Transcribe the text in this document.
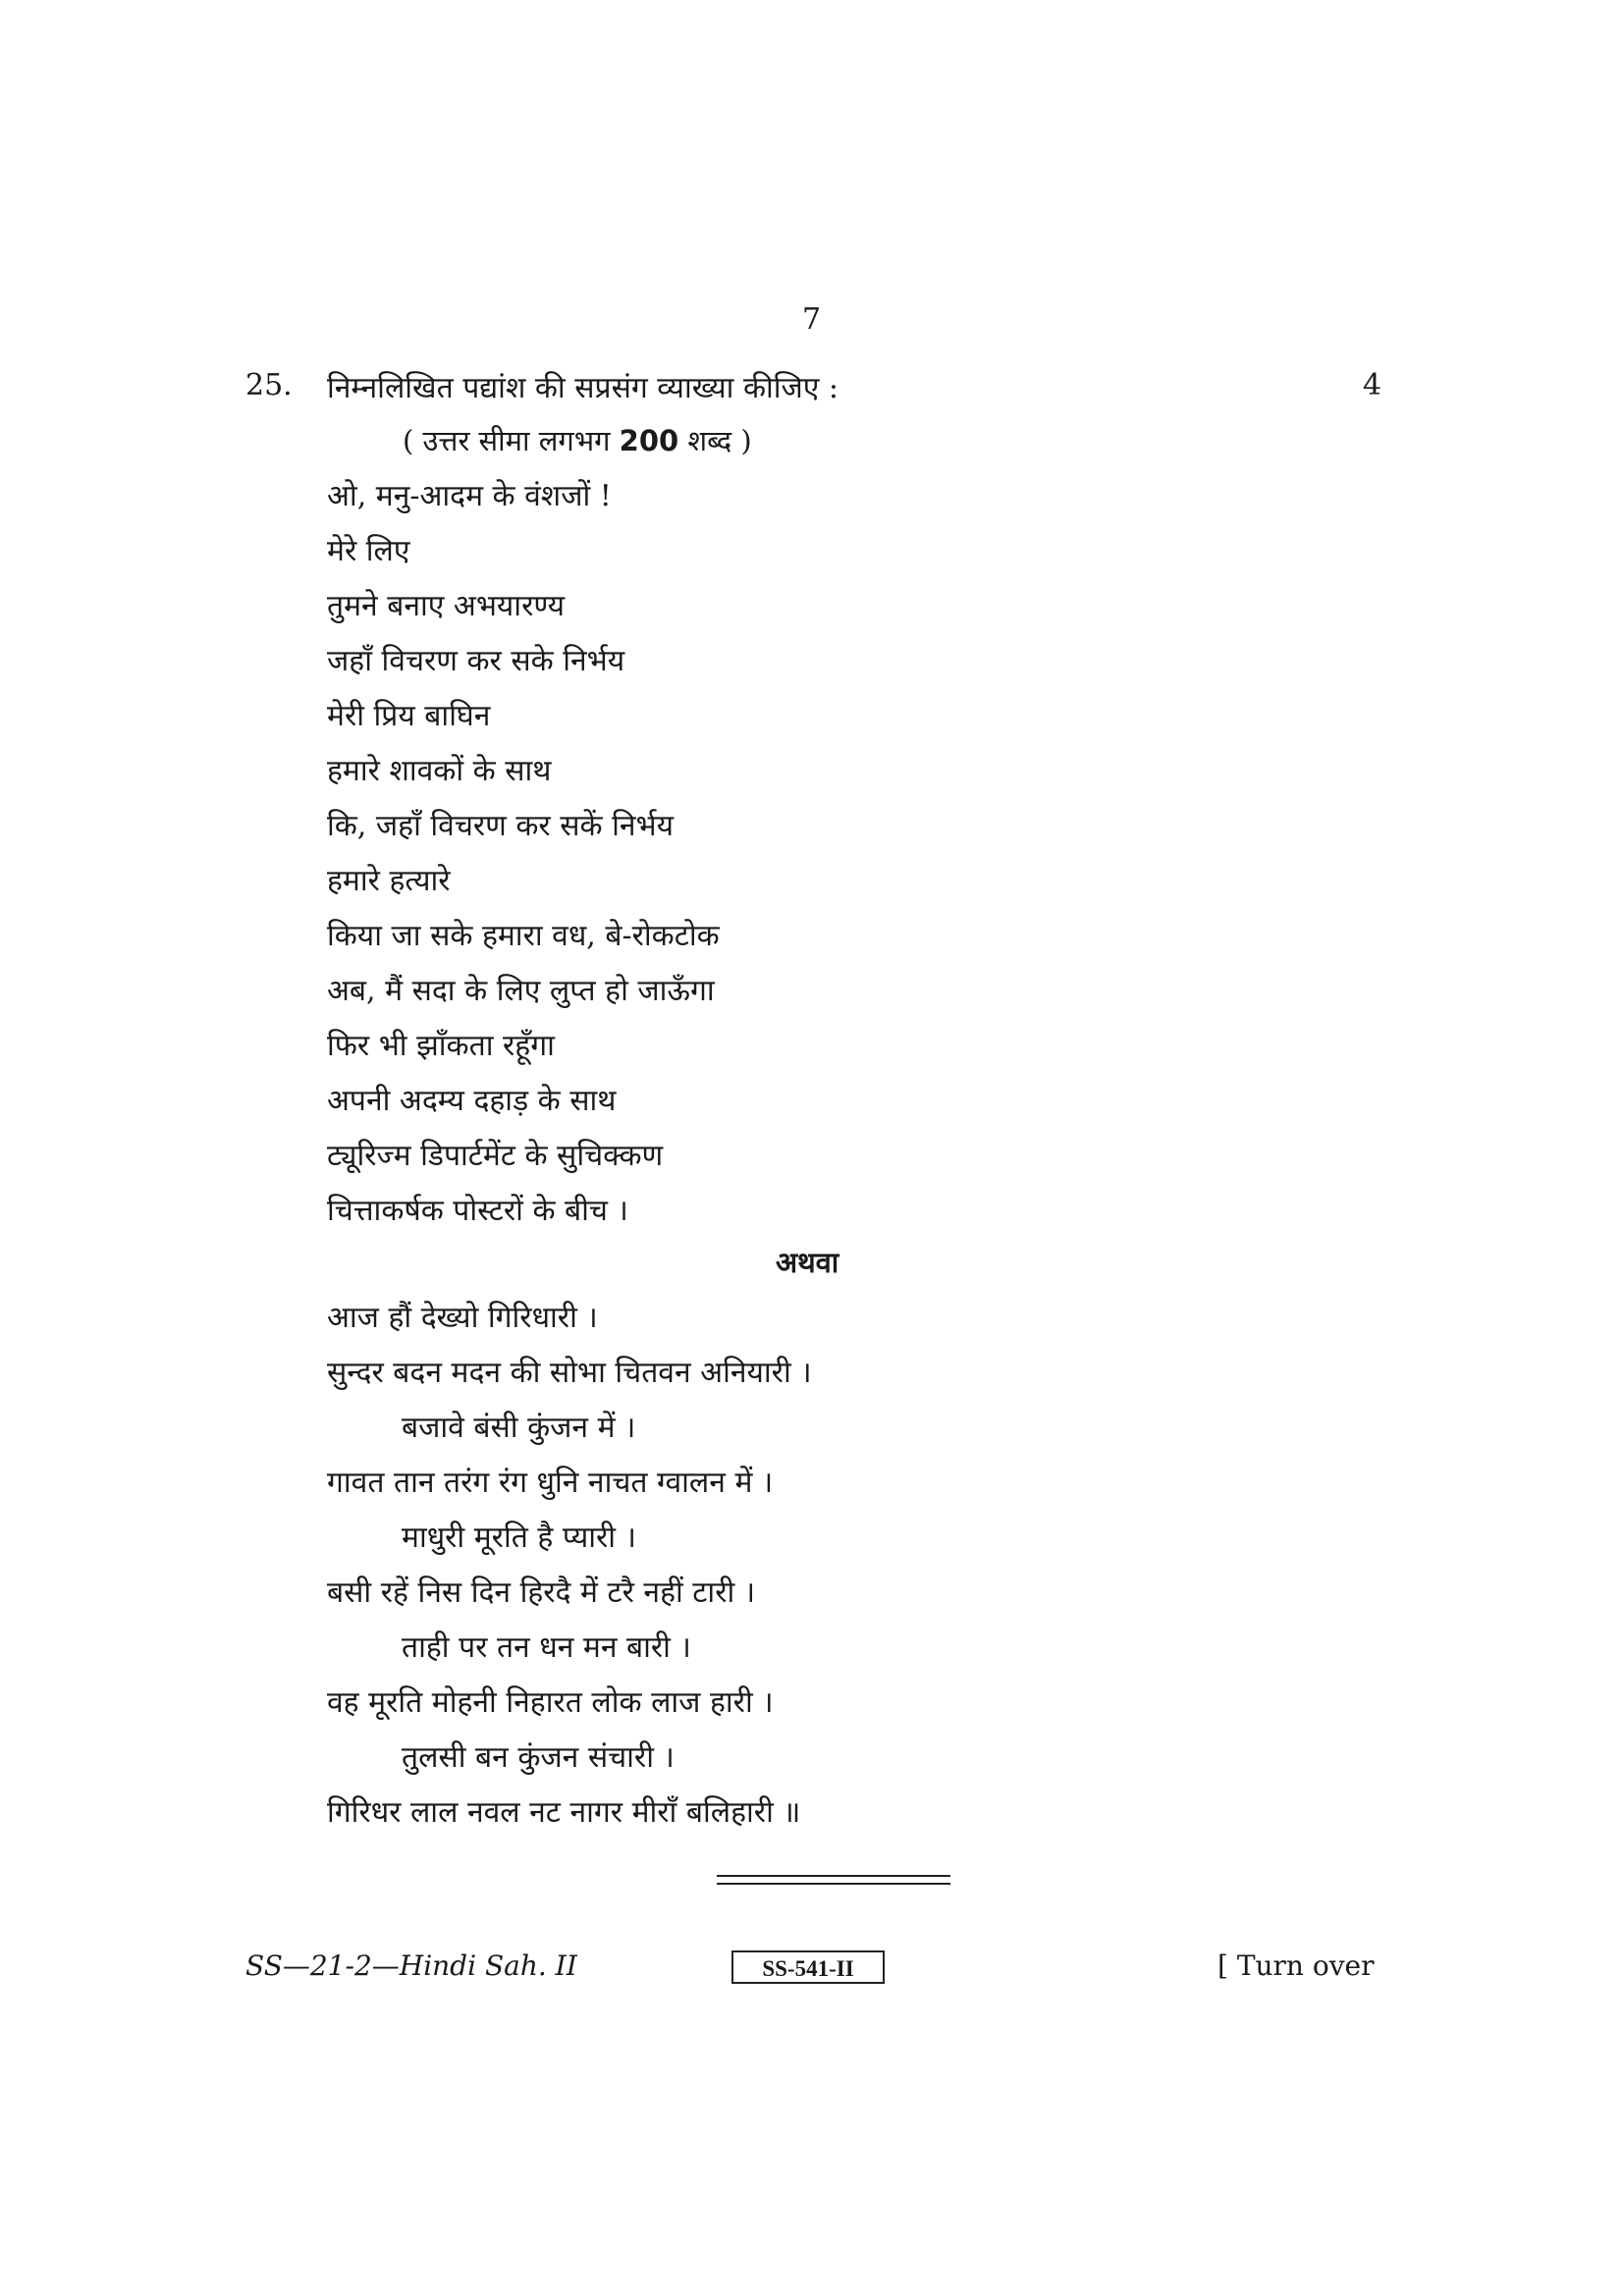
7
25. निम्नलिखित पद्यांश की सप्रसंग व्याख्या कीजिए :	4
( उत्तर सीमा लगभग 200 शब्द )
ओ, मनु-आदम के वंशजों !
मेरे लिए
तुमने बनाए अभयारण्य
जहाँ विचरण कर सके निर्भय
मेरी प्रिय बाघिन
हमारे शावकों के साथ
कि, जहाँ विचरण कर सकें निर्भय
हमारे हत्यारे
किया जा सके हमारा वध, बे-रोकटोक
अब, मैं सदा के लिए लुप्त हो जाऊँगा
फिर भी झाँकता रहूँगा
अपनी अदम्य दहाड़ के साथ
ट्यूरिज्म डिपार्टमेंट के सुचिक्कण
चित्ताकर्षक पोस्टरों के बीच ।
अथवा
आज हौं देख्यो गिरिधारी ।
सुन्दर बदन मदन की सोभा चितवन अनियारी ।
बजावे बंसी कुंजन में ।
गावत तान तरंग रंग धुनि नाचत ग्वालन में ।
माधुरी मूरति है प्यारी ।
बसी रहें निस दिन हिरदै में टरै नहीं टारी ।
ताही पर तन धन मन बारी ।
वह मूरति मोहनी निहारत लोक लाज हारी ।
तुलसी बन कुंजन संचारी ।
गिरिधर लाल नवल नट नागर मीराँ बलिहारी ॥
SS—21-2—Hindi Sah. II	SS-541-II	[ Turn over
